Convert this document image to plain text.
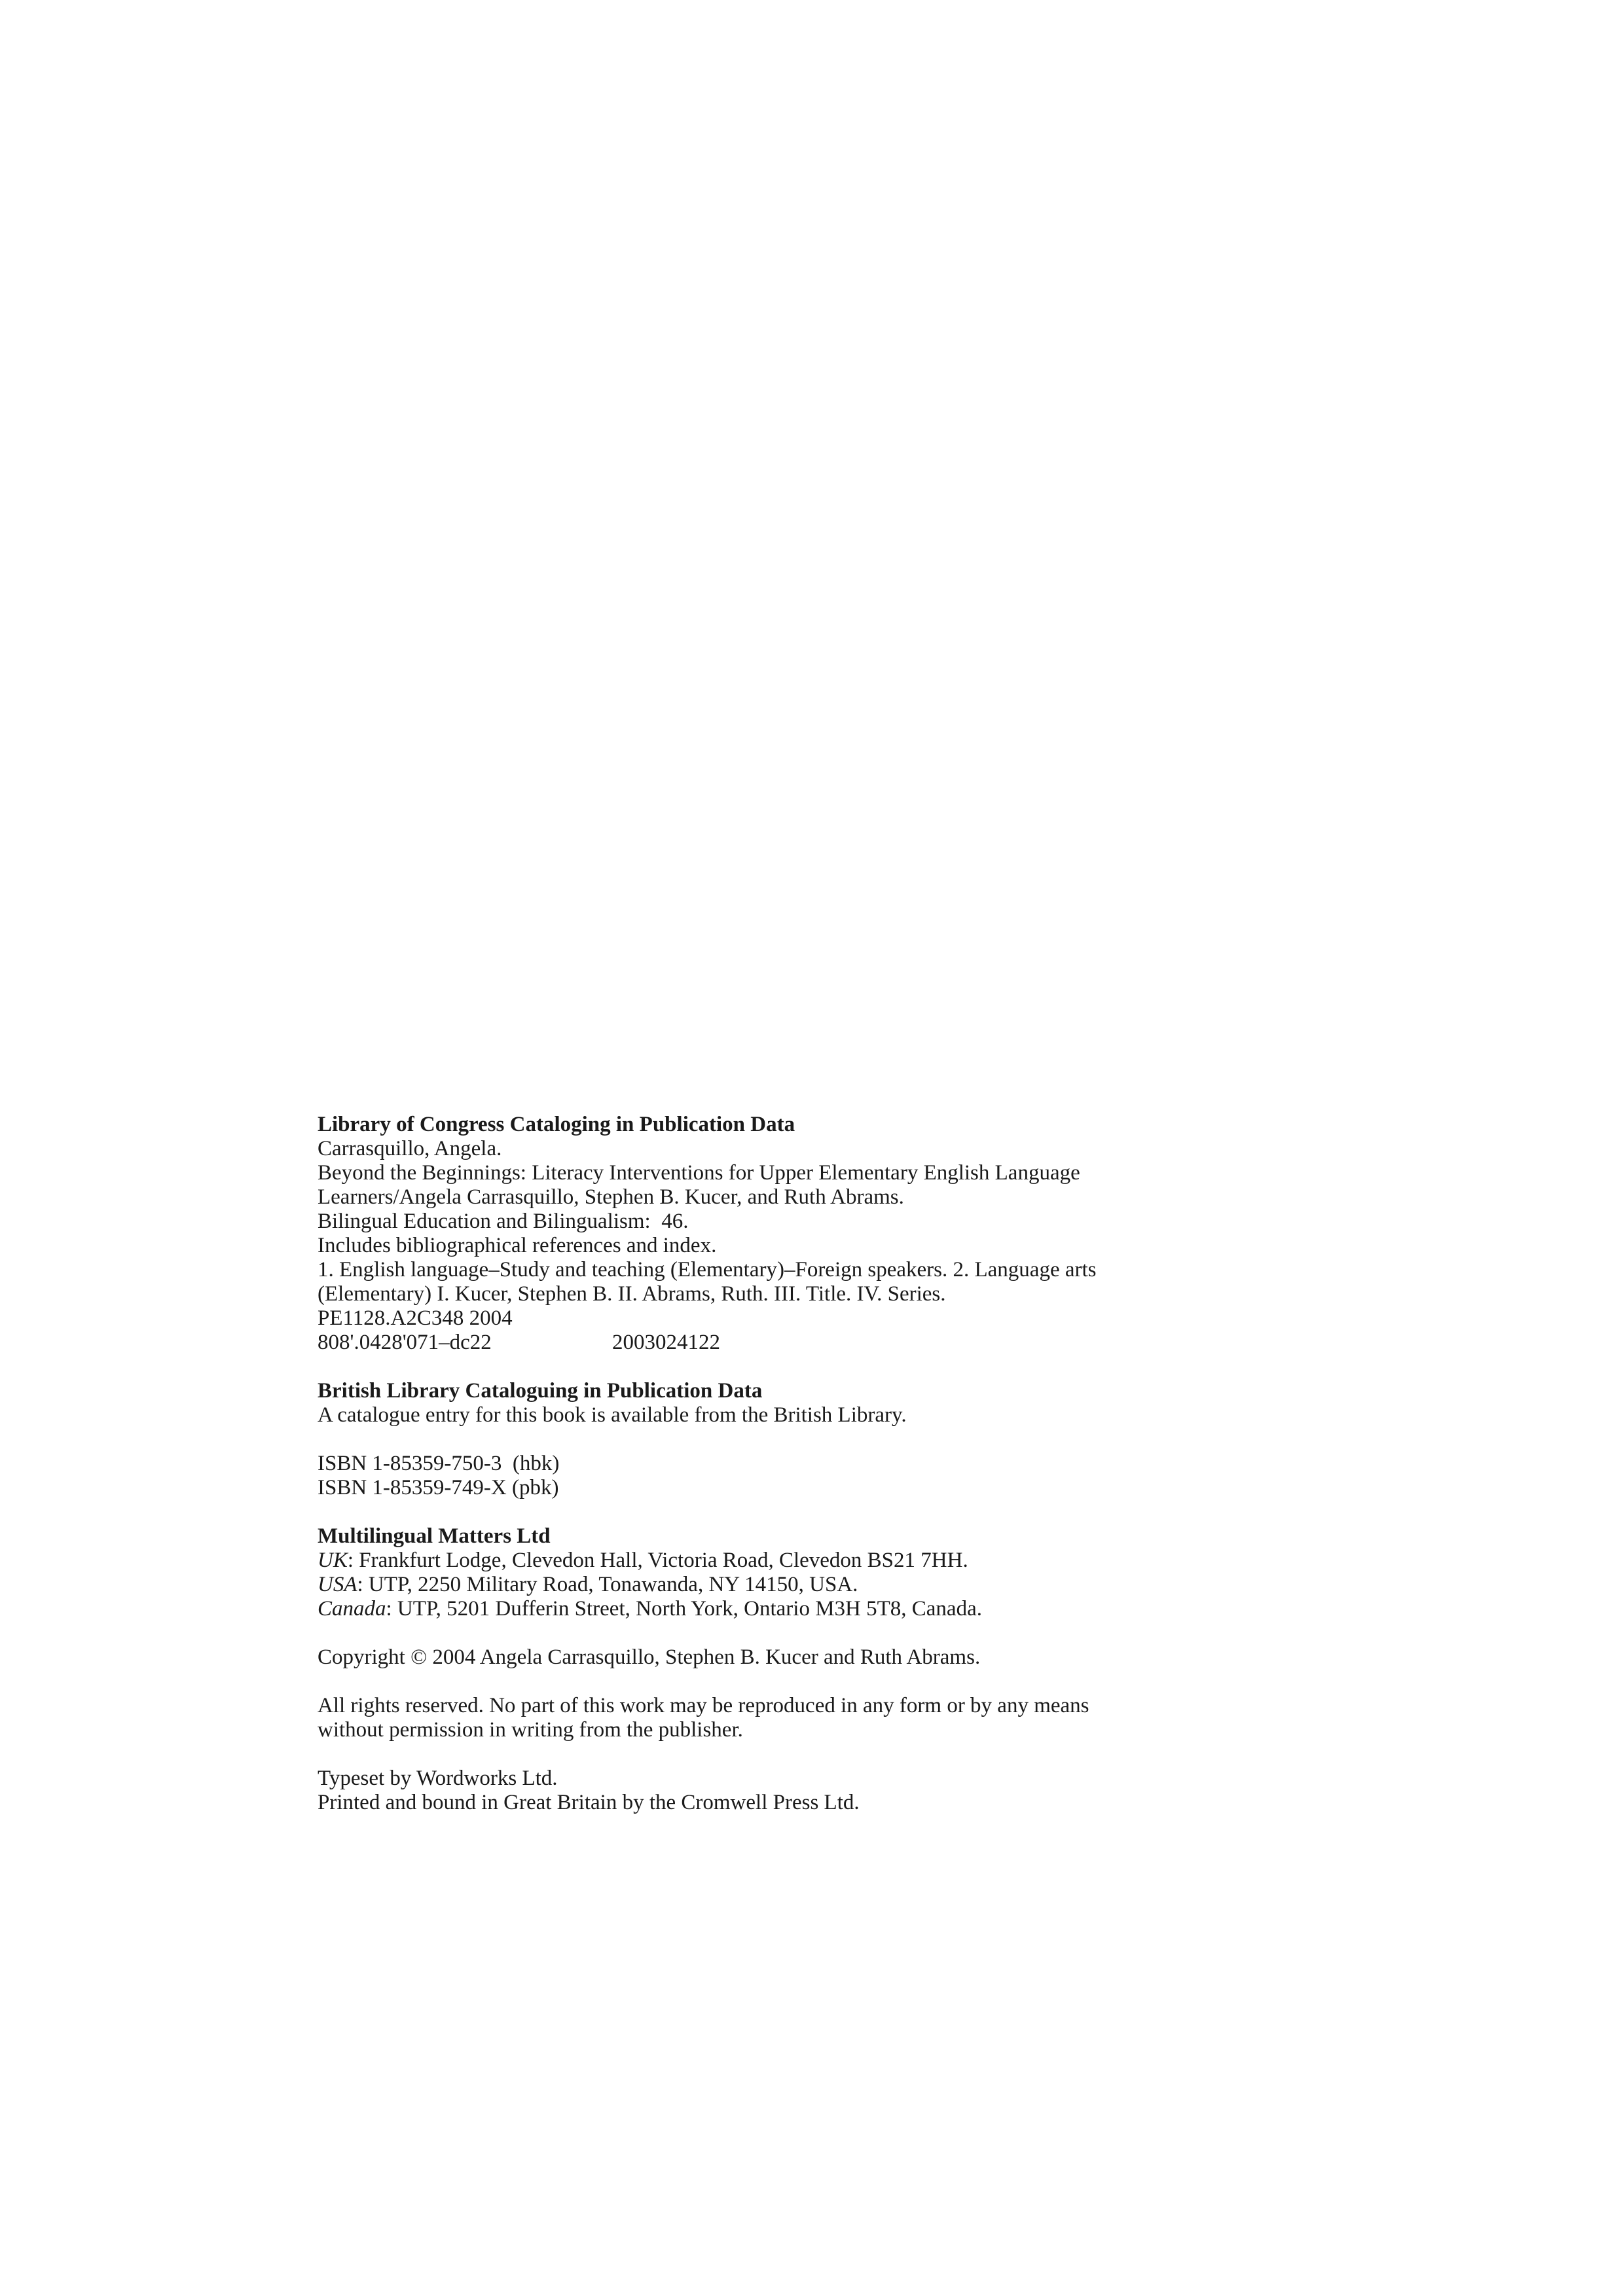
Library of Congress Cataloging in Publication Data
Carrasquillo, Angela.
Beyond the Beginnings: Literacy Interventions for Upper Elementary English Language
Learners/Angela Carrasquillo, Stephen B. Kucer, and Ruth Abrams.
Bilingual Education and Bilingualism:  46.
Includes bibliographical references and index.
1. English language–Study and teaching (Elementary)–Foreign speakers. 2. Language arts
(Elementary) I. Kucer, Stephen B. II. Abrams, Ruth. III. Title. IV. Series.
PE1128.A2C348 2004
808'.0428'071–dc22	2003024122
British Library Cataloguing in Publication Data
A catalogue entry for this book is available from the British Library.
ISBN 1-85359-750-3  (hbk)
ISBN 1-85359-749-X (pbk)
Multilingual Matters Ltd
UK: Frankfurt Lodge, Clevedon Hall, Victoria Road, Clevedon BS21 7HH.
USA: UTP, 2250 Military Road, Tonawanda, NY 14150, USA.
Canada: UTP, 5201 Dufferin Street, North York, Ontario M3H 5T8, Canada.
Copyright © 2004 Angela Carrasquillo, Stephen B. Kucer and Ruth Abrams.
All rights reserved. No part of this work may be reproduced in any form or by any means
without permission in writing from the publisher.
Typeset by Wordworks Ltd.
Printed and bound in Great Britain by the Cromwell Press Ltd.
